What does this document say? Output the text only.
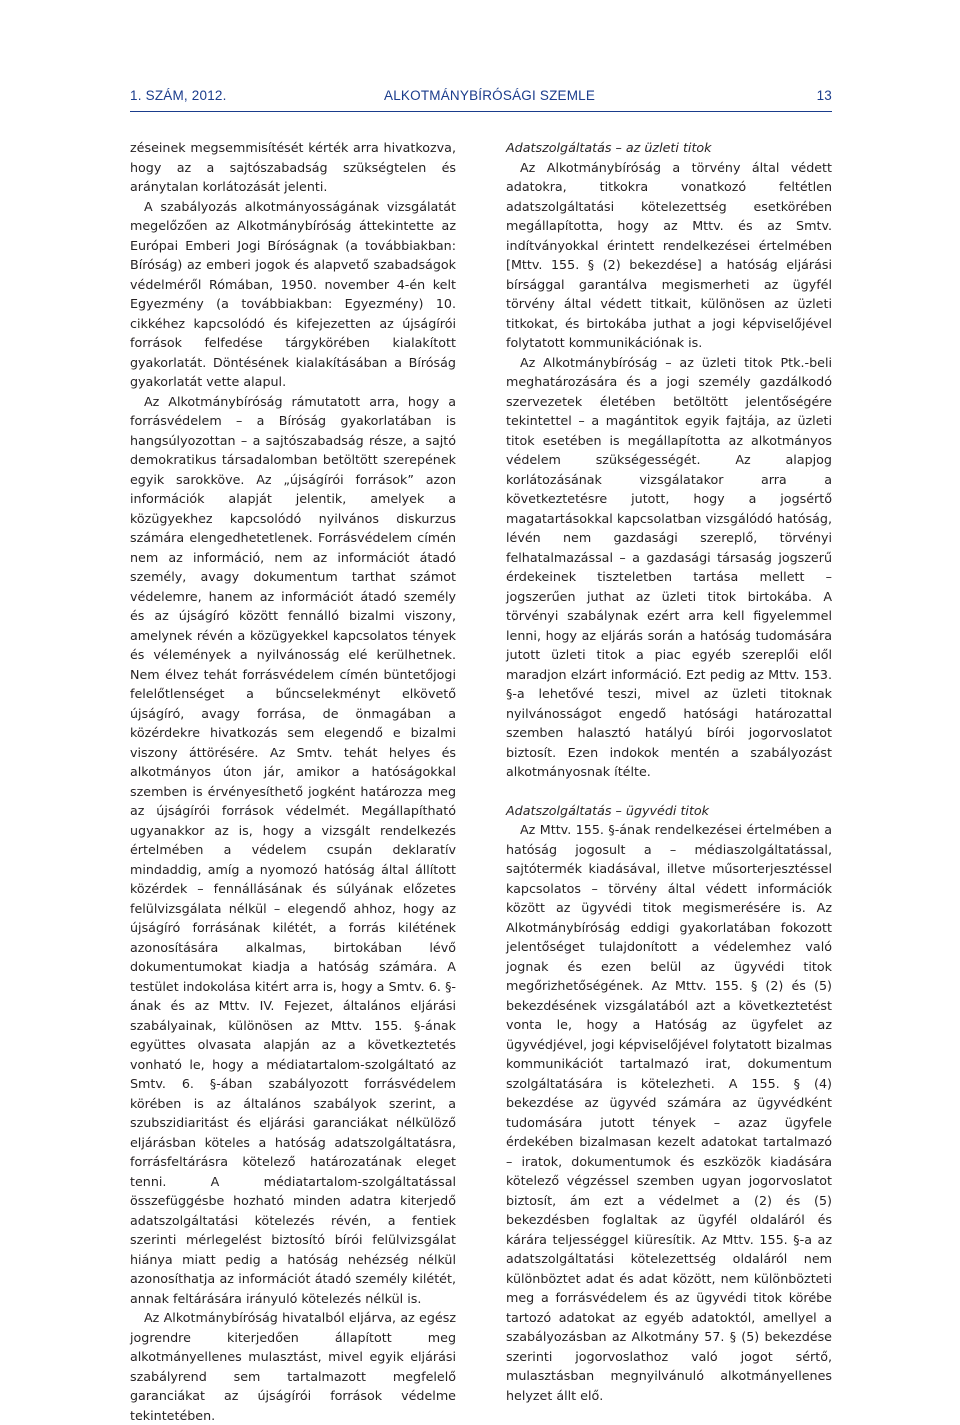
1. SZÁM, 2012.	ALKOTMÁNYBÍRÓSÁGI SZEMLE	13

zéseinek megsemmisítését kérték arra hivatkozva, hogy az a sajtószabadság szükségtelen és aránytalan korlátozását jelenti.

A szabályozás alkotmányosságának vizsgálatát megelőzően az Alkotmánybíróság áttekintette az Európai Emberi Jogi Bíróságnak (a továbbiakban: Bíróság) az emberi jogok és alapvető szabadságok védelméről Rómában, 1950. november 4-én kelt Egyezmény (a továbbiakban: Egyezmény) 10. cikkéhez kapcsolódó és kifejezetten az újságírói források felfedése tárgykörében kialakított gyakorlatát. Döntésének kialakításában a Bíróság gyakorlatát vette alapul.

Az Alkotmánybíróság rámutatott arra, hogy a forrásvédelem – a Bíróság gyakorlatában is hangsúlyozottan – a sajtószabadság része, a sajtó demokratikus társadalomban betöltött szerepének egyik sarokköve. Az „újságírói források” azon információk alapját jelentik, amelyek a közügyekhez kapcsolódó nyilvános diskurzus számára elengedhetetlenek. Forrásvédelem címén nem az információ, nem az információt átadó személy, avagy dokumentum tarthat számot védelemre, hanem az információt átadó személy és az újságíró között fennálló bizalmi viszony, amelynek révén a közügyekkel kapcsolatos tények és vélemények a nyilvánosság elé kerülhetnek. Nem élvez tehát forrásvédelem címén büntetőjogi felelőtlenséget a bűncselekményt elkövető újságíró, avagy forrása, de önmagában a közérdekre hivatkozás sem elegendő e bizalmi viszony áttörésére. Az Smtv. tehát helyes és alkotmányos úton jár, amikor a hatóságokkal szemben is érvényesíthető jogként határozza meg az újságírói források védelmét. Megállapítható ugyanakkor az is, hogy a vizsgált rendelkezés értelmében a védelem csupán deklaratív mindaddig, amíg a nyomozó hatóság által állított közérdek – fennállásának és súlyának előzetes felülvizsgálata nélkül – elegendő ahhoz, hogy az újságíró forrásának kilétét, a forrás kilétének azonosítására alkalmas, birtokában lévő dokumentumokat kiadja a hatóság számára. A testület indokolása kitért arra is, hogy a Smtv. 6. §-ának és az Mttv. IV. Fejezet, általános eljárási szabályainak, különösen az Mttv. 155. §-ának együttes olvasata alapján az a következtetés vonható le, hogy a médiatartalom-szolgáltató az Smtv. 6. §-ában szabályozott forrásvédelem körében is az általános szabályok szerint, a szubszidiaritást és eljárási garanciákat nélkülöző eljárásban köteles a hatóság adatszolgáltatásra, forrásfeltárásra kötelező határozatának eleget tenni. A médiatartalom-szolgáltatással összefüggésbe hozható minden adatra kiterjedő adatszolgáltatási kötelezés révén, a fentiek szerinti mérlegelést biztosító bírói felülvizsgálat hiánya miatt pedig a hatóság nehézség nélkül azonosíthatja az információt átadó személy kilétét, annak feltárására irányuló kötelezés nélkül is.

Az Alkotmánybíróság hivatalból eljárva, az egész jogrendre kiterjedően állapított meg alkotmányellenes mulasztást, mivel egyik eljárási szabályrend sem tartalmazott megfelelő garanciákat az újságírói források védelme tekintetében.

Adatszolgáltatás – az üzleti titok

Az Alkotmánybíróság a törvény által védett adatokra, titkokra vonatkozó feltétlen adatszolgáltatási kötelezettség esetkörében megállapította, hogy az Mttv. és az Smtv. indítványokkal érintett rendelkezései értelmében [Mttv. 155. § (2) bekezdése] a hatóság eljárási bírsággal garantálva megismerheti az ügyfél törvény által védett titkait, különösen az üzleti titkokat, és birtokába juthat a jogi képviselőjével folytatott kommunikációnak is.

Az Alkotmánybíróság – az üzleti titok Ptk.-beli meghatározására és a jogi személy gazdálkodó szervezetek életében betöltött jelentőségére tekintettel – a magántitok egyik fajtája, az üzleti titok esetében is megállapította az alkotmányos védelem szükségességét. Az alapjog korlátozásának vizsgálatakor arra a következtetésre jutott, hogy a jogsértő magatartásokkal kapcsolatban vizsgálódó hatóság, lévén nem gazdasági szereplő, törvényi felhatalmazással – a gazdasági társaság jogszerű érdekeinek tiszteletben tartása mellett – jogszerűen juthat az üzleti titok birtokába. A törvényi szabálynak ezért arra kell figyelemmel lenni, hogy az eljárás során a hatóság tudomására jutott üzleti titok a piac egyéb szereplői elől maradjon elzárt információ. Ezt pedig az Mttv. 153. §-a lehetővé teszi, mivel az üzleti titoknak nyilvánosságot engedő hatósági határozattal szemben halasztó hatályú bírói jogorvoslatot biztosít. Ezen indokok mentén a szabályozást alkotmányosnak ítélte.

Adatszolgáltatás – ügyvédi titok

Az Mttv. 155. §-ának rendelkezései értelmében a hatóság jogosult a – médiaszolgáltatással, sajtótermék kiadásával, illetve műsorterjesztéssel kapcsolatos – törvény által védett információk között az ügyvédi titok megismerésére is. Az Alkotmánybíróság eddigi gyakorlatában fokozott jelentőséget tulajdonított a védelemhez való jognak és ezen belül az ügyvédi titok megőrizhetőségének. Az Mttv. 155. § (2) és (5) bekezdésének vizsgálatából azt a következtetést vonta le, hogy a Hatóság az ügyfelet az ügyvédjével, jogi képviselőjével folytatott bizalmas kommunikációt tartalmazó irat, dokumentum szolgáltatására is kötelezheti. A 155. § (4) bekezdése az ügyvéd számára az ügyvédként tudomására jutott tények – azaz ügyfele érdekében bizalmasan kezelt adatokat tartalmazó – iratok, dokumentumok és eszközök kiadására kötelező végzéssel szemben ugyan jogorvoslatot biztosít, ám ezt a védelmet a (2) és (5) bekezdésben foglaltak az ügyfél oldaláról és kárára teljességgel kiüresítik. Az Mttv. 155. §-a az adatszolgáltatási kötelezettség oldaláról nem különböztet adat és adat között, nem különbözteti meg a forrásvédelem és az ügyvédi titok körébe tartozó adatokat az egyéb adatoktól, amellyel a szabályozásban az Alkotmány 57. § (5) bekezdése szerinti jogorvoslathoz való jogot sértő, mulasztásban megnyilvánuló alkotmányellenes helyzet állt elő.
